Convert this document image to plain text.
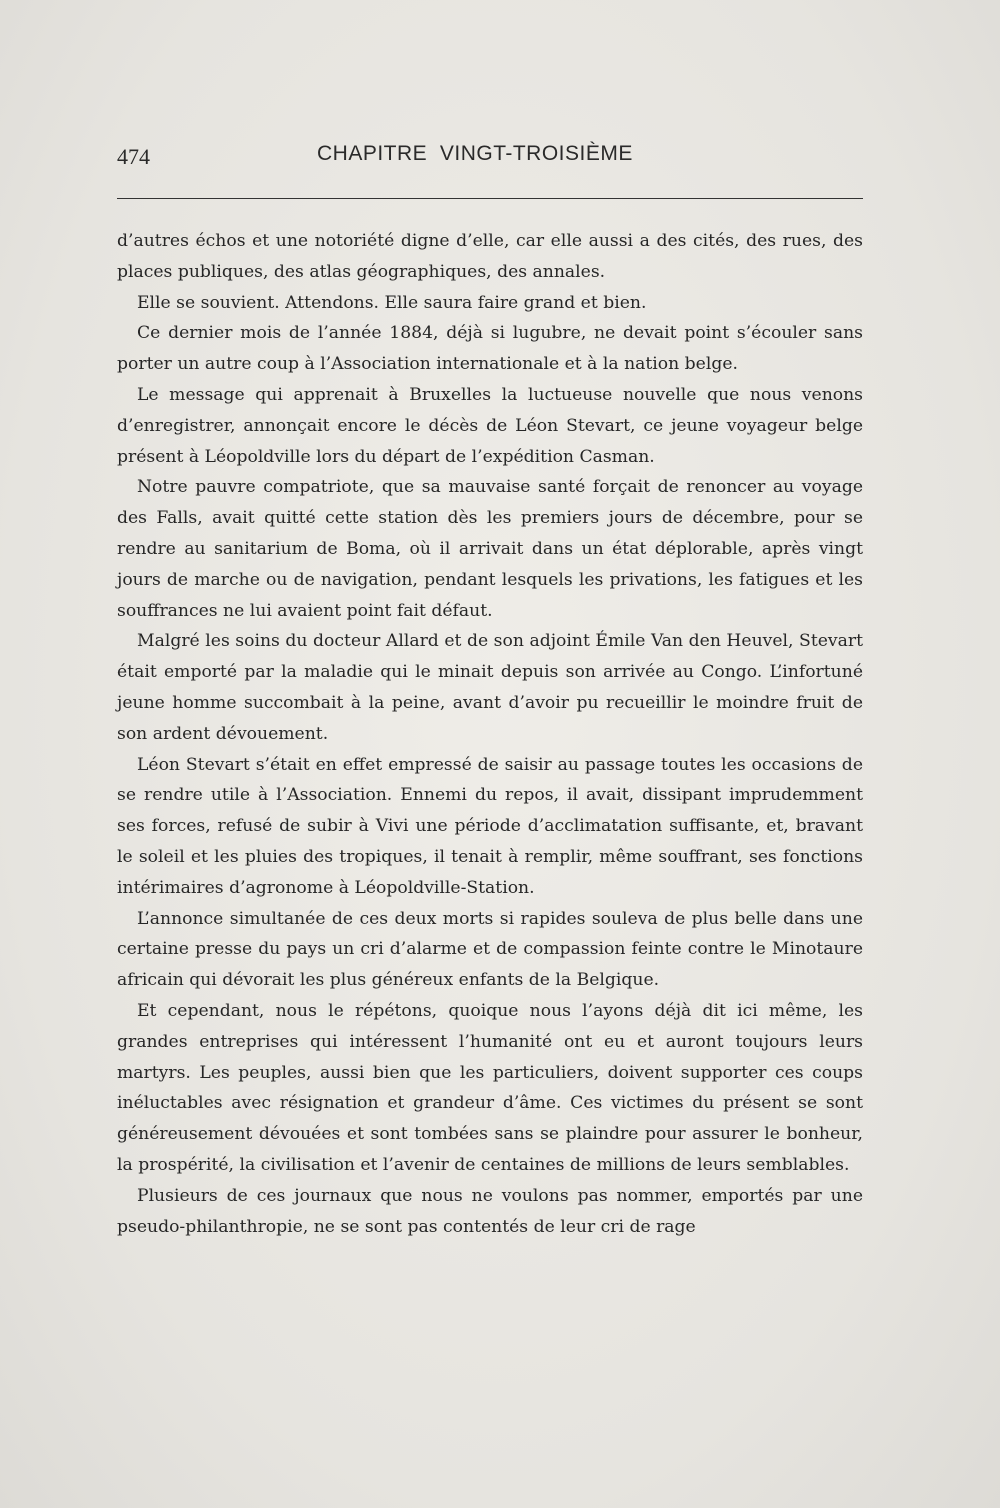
474	CHAPITRE  VINGT-TROISIÈME

d’autres échos et une notoriété digne d’elle, car elle aussi a des cités, des rues, des places publiques, des atlas géographiques, des annales.

Elle se souvient. Attendons. Elle saura faire grand et bien.

Ce dernier mois de l’année 1884, déjà si lugubre, ne devait point s’écouler sans porter un autre coup à l’Association internationale et à la nation belge.

Le message qui apprenait à Bruxelles la luctueuse nouvelle que nous venons d’enregistrer, annonçait encore le décès de Léon Stevart, ce jeune voyageur belge présent à Léopoldville lors du départ de l’expédition Casman.

Notre pauvre compatriote, que sa mauvaise santé forçait de renoncer au voyage des Falls, avait quitté cette station dès les premiers jours de décembre, pour se rendre au sanitarium de Boma, où il arrivait dans un état déplorable, après vingt jours de marche ou de navigation, pendant lesquels les privations, les fatigues et les souffrances ne lui avaient point fait défaut.

Malgré les soins du docteur Allard et de son adjoint Émile Van den Heuvel, Stevart était emporté par la maladie qui le minait depuis son arrivée au Congo. L’infortuné jeune homme succombait à la peine, avant d’avoir pu recueillir le moindre fruit de son ardent dévouement.

Léon Stevart s’était en effet empressé de saisir au passage toutes les occasions de se rendre utile à l’Association. Ennemi du repos, il avait, dissipant imprudemment ses forces, refusé de subir à Vivi une période d’acclimatation suffisante, et, bravant le soleil et les pluies des tropiques, il tenait à remplir, même souffrant, ses fonctions intérimaires d’agronome à Léopoldville-Station.

L’annonce simultanée de ces deux morts si rapides souleva de plus belle dans une certaine presse du pays un cri d’alarme et de compassion feinte contre le Minotaure africain qui dévorait les plus généreux enfants de la Belgique.

Et cependant, nous le répétons, quoique nous l’ayons déjà dit ici même, les grandes entreprises qui intéressent l’humanité ont eu et auront toujours leurs martyrs. Les peuples, aussi bien que les particuliers, doivent supporter ces coups inéluctables avec résignation et grandeur d’âme. Ces victimes du présent se sont généreusement dévouées et sont tombées sans se plaindre pour assurer le bonheur, la prospérité, la civilisation et l’avenir de centaines de millions de leurs semblables.

Plusieurs de ces journaux que nous ne voulons pas nommer, emportés par une pseudo-philanthropie, ne se sont pas contentés de leur cri de rage
